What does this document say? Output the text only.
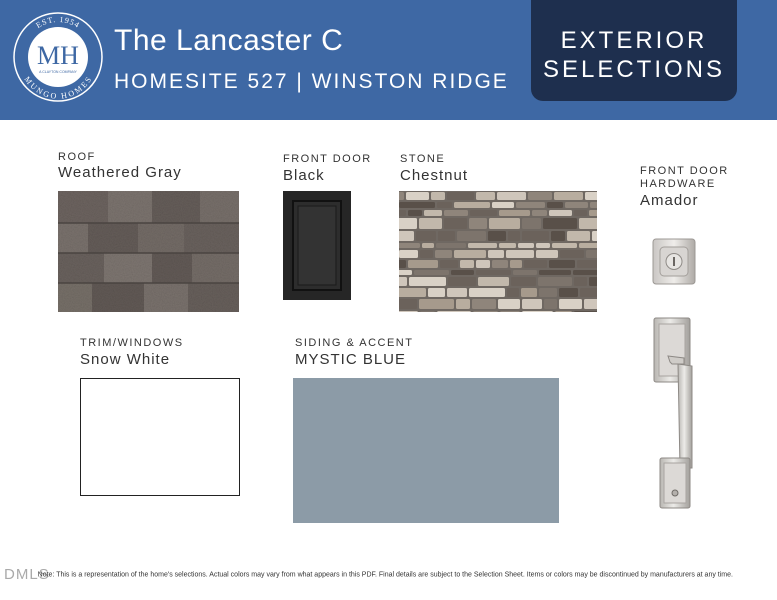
EST. 1954
MUNGO HOMES
MH
A CLAYTON COMPANY
The Lancaster C
HOMESITE 527 | WINSTON RIDGE
EXTERIOR
SELECTIONS
ROOF
Weathered Gray
FRONT DOOR
Black
STONE
Chestnut	FRONT DOOR
HARDWARE
Amador
TRIM/WINDOWS
Snow White
SIDING & ACCENT
MYSTIC BLUE
DMLS Note: This is a representation of the home's selections. Actual colors may vary from what appears in this PDF. Final details are subject to the Selection Sheet. Items or colors may be discontinued by manufacturers at any time.
